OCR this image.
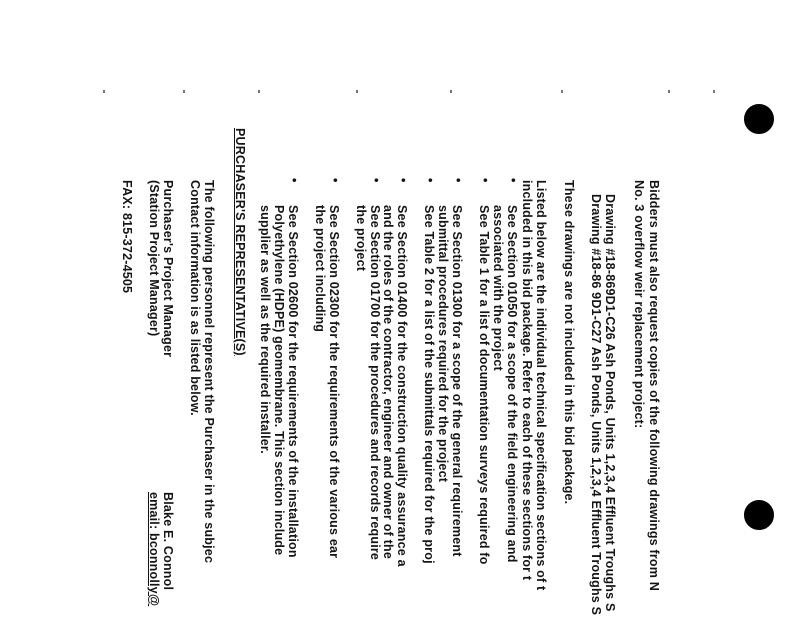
Bidders must also request copies of the following drawings from N
No. 3 overflow weir replacement project:
Drawing #18-869D1-C26 Ash Ponds, Units 1,2,3,4 Effluent Troughs S
Drawing #18-86 9D1-C27 Ash Ponds, Units 1,2,3,4 Effluent Troughs S
These drawings are not included in this bid package.
Listed below are the individual technical specification sections of t
included in this bid package. Refer to each of these sections for t
•
See Section 01050 for a scope of the field engineering and
associated with the project
•
See Table 1 for a list of documentation surveys required fo
•
See Section 01300 for a scope of the general requirement
submittal procedures required for the project
•
See Table 2 for a list of the submittals required for the proj
•
See Section 01400 for the construction quality assurance a
and the roles of the contractor, engineer and owner of the
•
See Section 01700 for the procedures and records require
the project
•
See Section 02300 for the requirements of the various ear
the project including
•
See Section 02600 for the requirements of the installation
Polyethylene (HDPE) geomembrane. This section include
supplier as well as the required installer.
PURCHASER'S REPRESENTATIVE(S)
The following personnel represent the Purchaser in the subjec
Contact information is as listed below.
Purchaser's Project Manager
Blake E. Connol
(Station Project Manager)
email: bconnolly@
FAX: 815-372-4505
